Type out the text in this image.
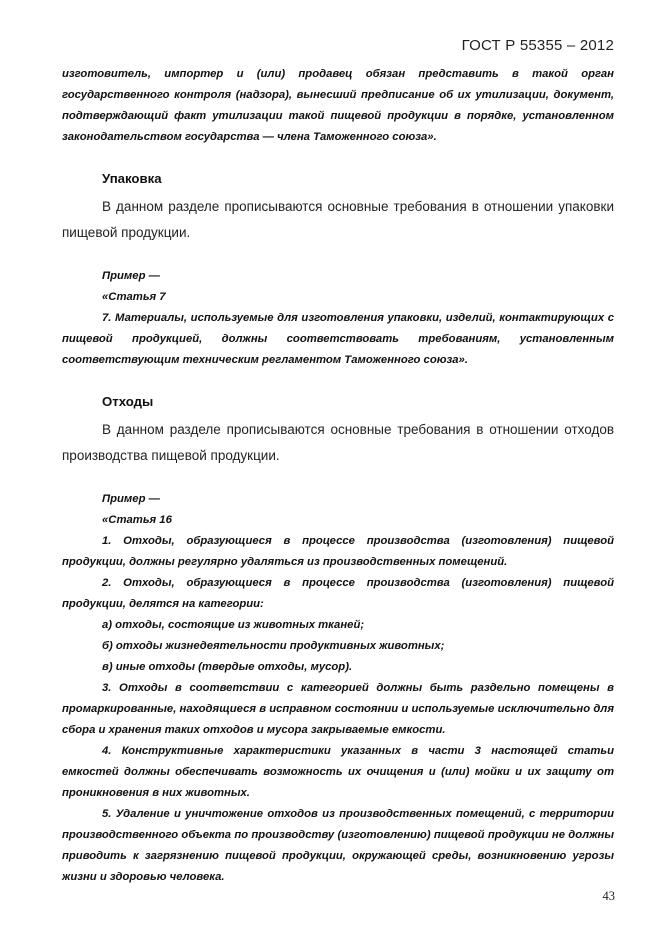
ГОСТ Р 55355 – 2012

изготовитель, импортер и (или) продавец обязан представить в такой орган государственного контроля (надзора), вынесший предписание об их утилизации, документ, подтверждающий факт утилизации такой пищевой продукции в порядке, установленном законодательством государства — члена Таможенного союза».

Упаковка

В данном разделе прописываются основные требования в отношении упаковки пищевой продукции.

Пример —

«Статья 7

7. Материалы, используемые для изготовления упаковки, изделий, контактирующих с пищевой продукцией, должны соответствовать требованиям, установленным соответствующим техническим регламентом Таможенного союза».

Отходы

В данном разделе прописываются основные требования в отношении отходов производства пищевой продукции.

Пример —

«Статья 16

1. Отходы, образующиеся в процессе производства (изготовления) пищевой продукции, должны регулярно удаляться из производственных помещений.

2. Отходы, образующиеся в процессе производства (изготовления) пищевой продукции, делятся на категории:

а) отходы, состоящие из животных тканей;

б) отходы жизнедеятельности продуктивных животных;

в) иные отходы (твердые отходы, мусор).

3. Отходы в соответствии с категорией должны быть раздельно помещены в промаркированные, находящиеся в исправном состоянии и используемые исключительно для сбора и хранения таких отходов и мусора закрываемые емкости.

4. Конструктивные характеристики указанных в части 3 настоящей статьи емкостей должны обеспечивать возможность их очищения и (или) мойки и их защиту от проникновения в них животных.

5. Удаление и уничтожение отходов из производственных помещений, с территории производственного объекта по производству (изготовлению) пищевой продукции не должны приводить к загрязнению пищевой продукции, окружающей среды, возникновению угрозы жизни и здоровью человека.

43
